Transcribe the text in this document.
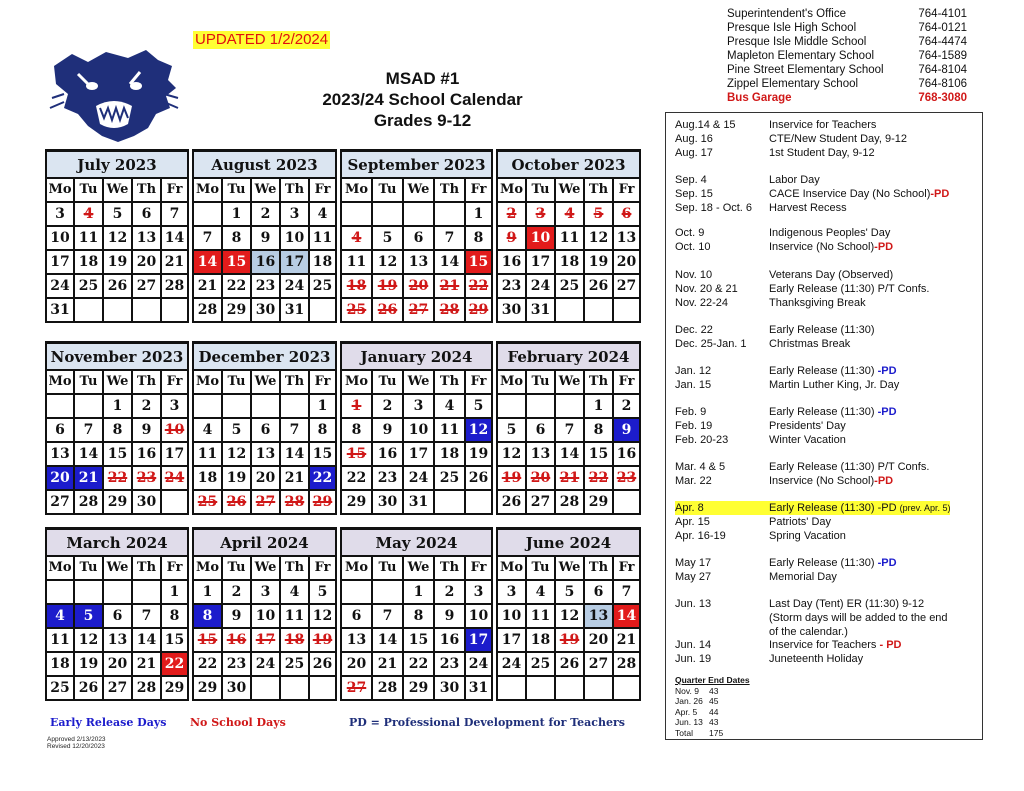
UPDATED 1/2/2024
MSAD #1
2023/24 School Calendar
Grades 9-12
July 2023						August 2023						September 2023						October 2023				
Mo	Tu	We	Th	Fr		Mo	Tu	We	Th	Fr		Mo	Tu	We	Th	Fr		Mo	Tu	We	Th	Fr
3	4	5	6	7			1	2	3	4						1		2	3	4	5	6
10	11	12	13	14		7	8	9	10	11		4	5	6	7	8		9	10	11	12	13
17	18	19	20	21		14	15	16	17	18		11	12	13	14	15		16	17	18	19	20
24	25	26	27	28		21	22	23	24	25		18	19	20	21	22		23	24	25	26	27
31						28	29	30	31			25	26	27	28	29		30	31			
November 2023						December 2023						January 2024						February 2024				
Mo	Tu	We	Th	Fr		Mo	Tu	We	Th	Fr		Mo	Tu	We	Th	Fr		Mo	Tu	We	Th	Fr
		1	2	3						1		1	2	3	4	5					1	2
6	7	8	9	10		4	5	6	7	8		8	9	10	11	12		5	6	7	8	9
13	14	15	16	17		11	12	13	14	15		15	16	17	18	19		12	13	14	15	16
20	21	22	23	24		18	19	20	21	22		22	23	24	25	26		19	20	21	22	23
27	28	29	30			25	26	27	28	29		29	30	31				26	27	28	29	
March 2024						April 2024						May 2024						June 2024				
Mo	Tu	We	Th	Fr		Mo	Tu	We	Th	Fr		Mo	Tu	We	Th	Fr		Mo	Tu	We	Th	Fr
				1		1	2	3	4	5				1	2	3		3	4	5	6	7
4	5	6	7	8		8	9	10	11	12		6	7	8	9	10		10	11	12	13	14
11	12	13	14	15		15	16	17	18	19		13	14	15	16	17		17	18	19	20	21
18	19	20	21	22		22	23	24	25	26		20	21	22	23	24		24	25	26	27	28
25	26	27	28	29		29	30					27	28	29	30	31						
Early Release Days No School Days	PD = Professional Development for Teachers
Approved 2/13/2023
Revised 12/20/2023
Superintendent's Office	764-4101
Presque Isle High School	764-0121
Presque Isle Middle School	764-4474
Mapleton Elementary School	764-1589
Pine Street Elementary School	764-8104
Zippel Elementary School	764-8106
Bus Garage	768-3080
Aug.14 & 15	Inservice for Teachers
Aug. 16	CTE/New Student Day, 9-12
Aug. 17	1st Student Day, 9-12
Sep. 4	Labor Day
Sep. 15	CACE Inservice Day (No School)-PD
Sep. 18 - Oct. 6	Harvest Recess
Oct. 9	Indigenous Peoples' Day
Oct. 10	Inservice (No School)-PD
Nov. 10	Veterans Day (Observed)
Nov. 20 & 21	Early Release (11:30) P/T Confs.
Nov. 22-24	Thanksgiving Break
Dec. 22	Early Release (11:30)
Dec. 25-Jan. 1	Christmas Break
Jan. 12	Early Release (11:30) -PD
Jan. 15	Martin Luther King, Jr. Day
Feb. 9	Early Release (11:30) -PD
Feb. 19	Presidents' Day
Feb. 20-23	Winter Vacation
Mar. 4 & 5	Early Release (11:30) P/T Confs.
Mar. 22	Inservice (No School)-PD
Apr. 8	Early Release (11:30) -PD (prev. Apr. 5)
Apr. 15	Patriots' Day
Apr. 16-19	Spring Vacation
May 17	Early Release (11:30) -PD
May 27	Memorial Day
Jun. 13	Last Day (Tent) ER (11:30) 9-12
(Storm days will be added to the end
of the calendar.)
Jun. 14	Inservice for Teachers - PD
Jun. 19	Juneteenth Holiday
Quarter End Dates
Nov. 9 43
Jan. 26 45
Apr. 5 44
Jun. 13 43
Total 175
